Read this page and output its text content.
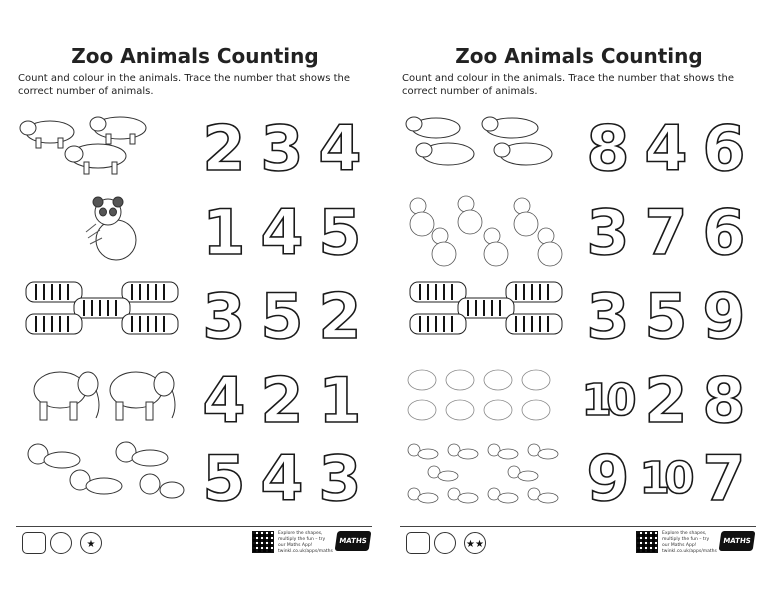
Zoo Animals Counting

Count and colour in the animals. Trace the number that shows the correct number of animals.

2 3 4
1 4 5
3 5 2
4 2 1
5 4 3
★
Explore the shapes, multiply the fun – try our Maths App! twinkl.co.uk/apps/maths
MATHS
Zoo Animals Counting

Count and colour in the animals. Trace the number that shows the correct number of animals.

8 4 6
3 7 6
3 5 9
10 2 8
9 10 7
★★
Explore the shapes, multiply the fun – try our Maths App! twinkl.co.uk/apps/maths
MATHS
